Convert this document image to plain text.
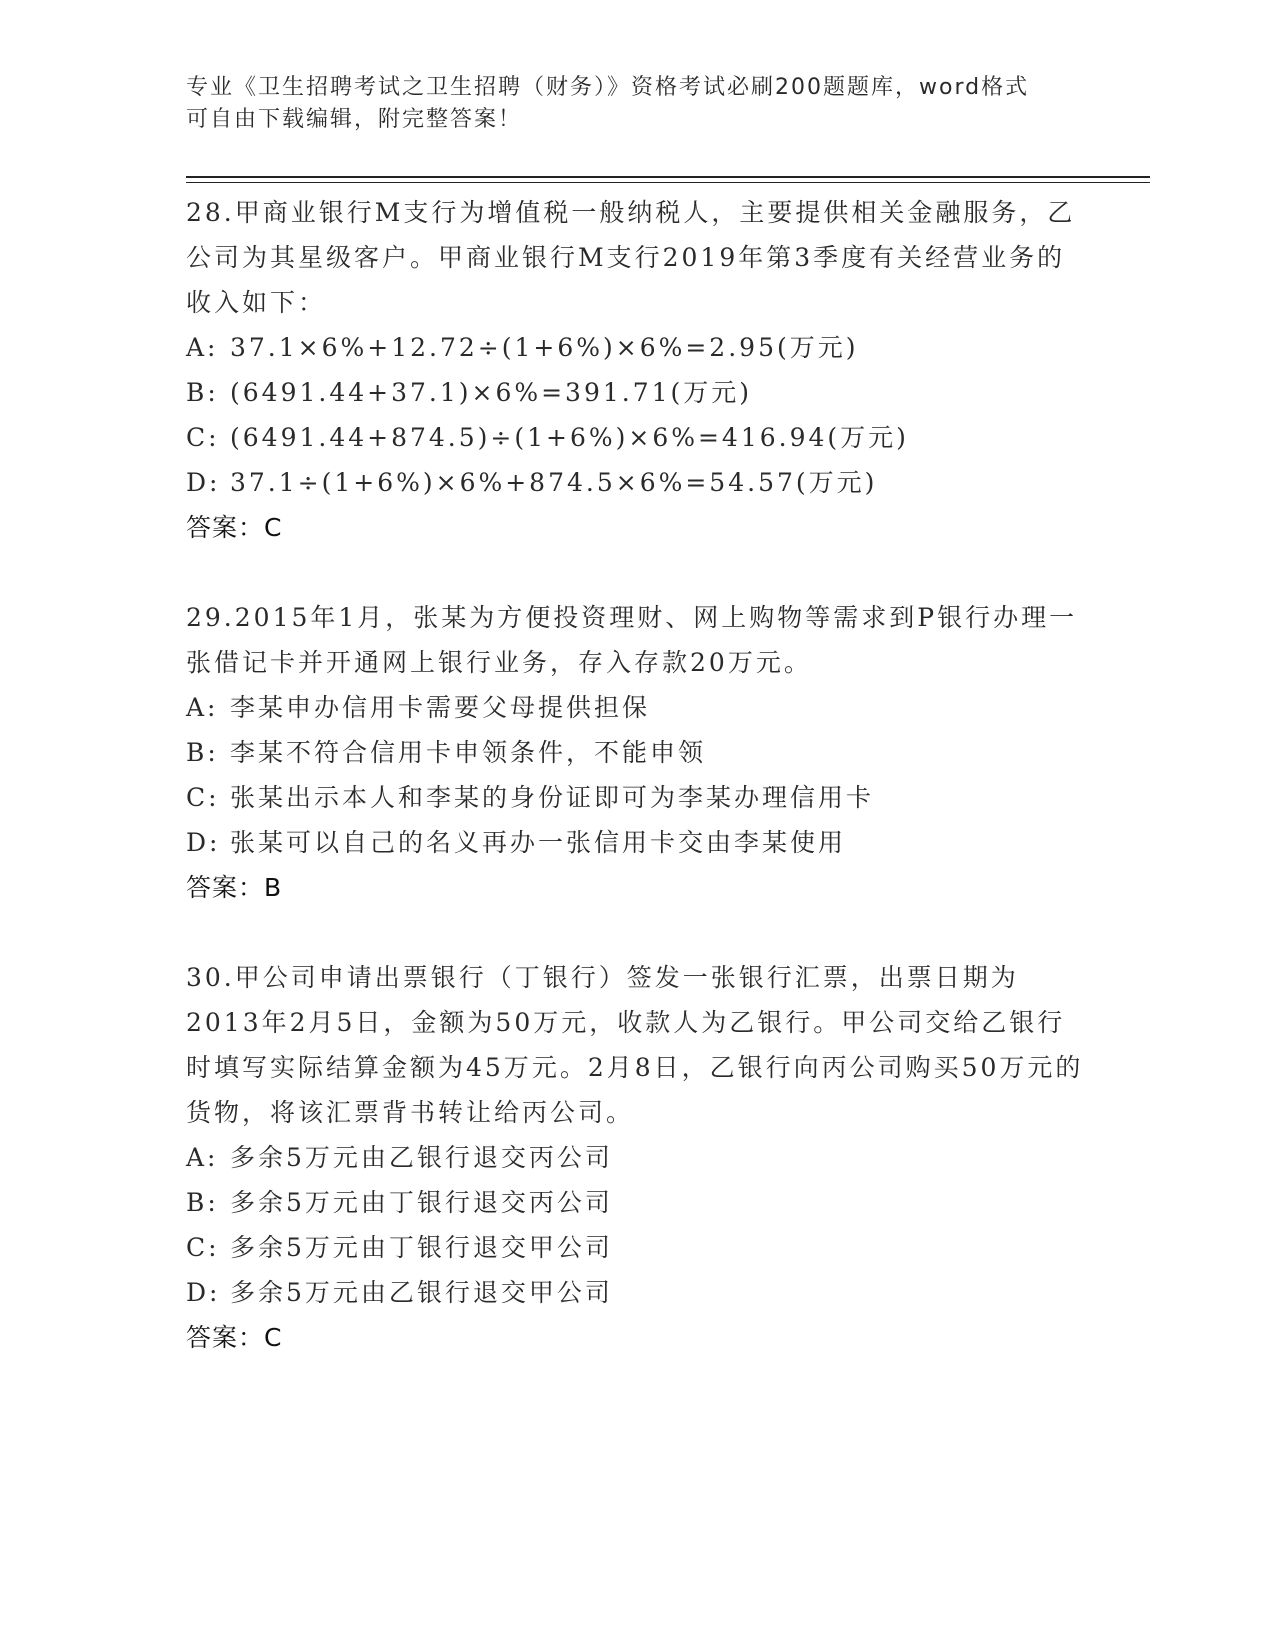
专业《卫生招聘考试之卫生招聘（财务）》资格考试必刷200题题库，word格式
可自由下载编辑，附完整答案！

28.甲商业银行M支行为增值税一般纳税人，主要提供相关金融服务，乙公司为其星级客户。甲商业银行M支行2019年第3季度有关经营业务的收入如下：

A: 37.1×6%+12.72÷(1+6%)×6%=2.95(万元)

B: (6491.44+37.1)×6%=391.71(万元)

C: (6491.44+874.5)÷(1+6%)×6%=416.94(万元)

D: 37.1÷(1+6%)×6%+874.5×6%=54.57(万元)

答案：C

29.2015年1月，张某为方便投资理财、网上购物等需求到P银行办理一张借记卡并开通网上银行业务，存入存款20万元。

A: 李某申办信用卡需要父母提供担保

B: 李某不符合信用卡申领条件，不能申领

C: 张某出示本人和李某的身份证即可为李某办理信用卡

D: 张某可以自己的名义再办一张信用卡交由李某使用

答案：B

30.甲公司申请出票银行（丁银行）签发一张银行汇票，出票日期为2013年2月5日，金额为50万元，收款人为乙银行。甲公司交给乙银行时填写实际结算金额为45万元。2月8日，乙银行向丙公司购买50万元的货物，将该汇票背书转让给丙公司。

A: 多余5万元由乙银行退交丙公司

B: 多余5万元由丁银行退交丙公司

C: 多余5万元由丁银行退交甲公司

D: 多余5万元由乙银行退交甲公司

答案：C
